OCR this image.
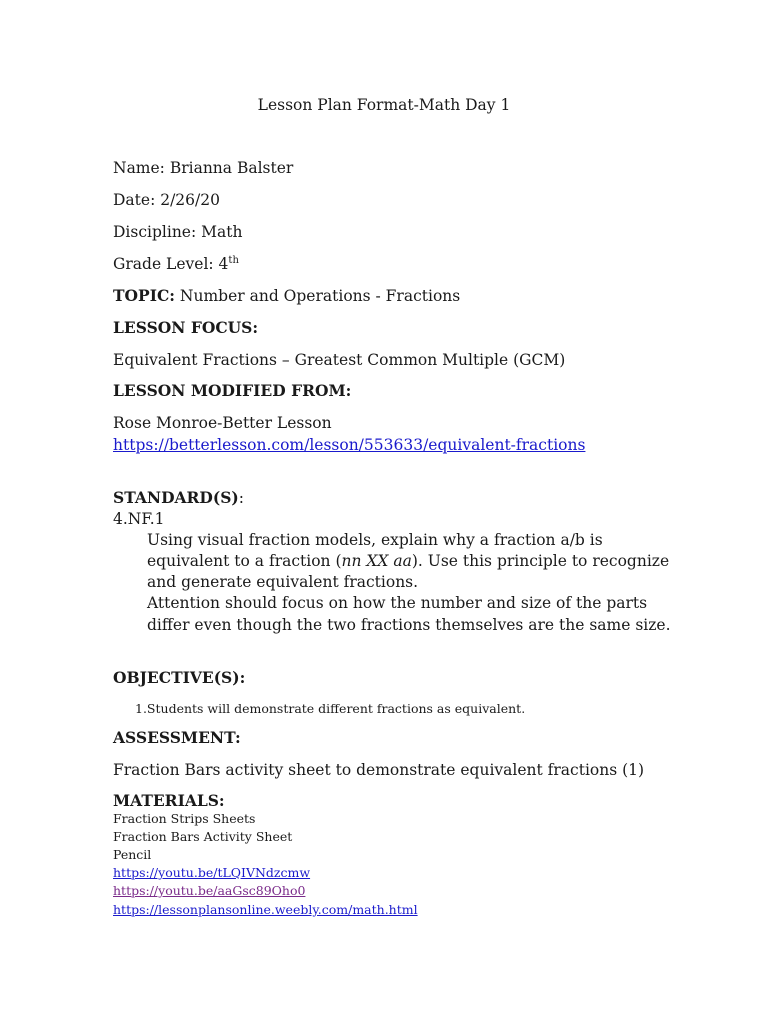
Lesson Plan Format-Math Day 1
Name: Brianna Balster
Date: 2/26/20
Discipline: Math
Grade Level: 4th
TOPIC: Number and Operations - Fractions
LESSON FOCUS:
Equivalent Fractions – Greatest Common Multiple (GCM)
LESSON MODIFIED FROM:
Rose Monroe-Better Lesson
https://betterlesson.com/lesson/553633/equivalent-fractions
STANDARD(S):
4.NF.1
Using visual fraction models, explain why a fraction a/b is
equivalent to a fraction (nn XX aa). Use this principle to recognize
and generate equivalent fractions.
Attention should focus on how the number and size of the parts
differ even though the two fractions themselves are the same size.
OBJECTIVE(S):
1.Students will demonstrate different fractions as equivalent.
ASSESSMENT:
Fraction Bars activity sheet to demonstrate equivalent fractions (1)
MATERIALS:
Fraction Strips Sheets
Fraction Bars Activity Sheet
Pencil
https://youtu.be/tLQIVNdzcmw
https://youtu.be/aaGsc89Oho0
https://lessonplansonline.weebly.com/math.html
